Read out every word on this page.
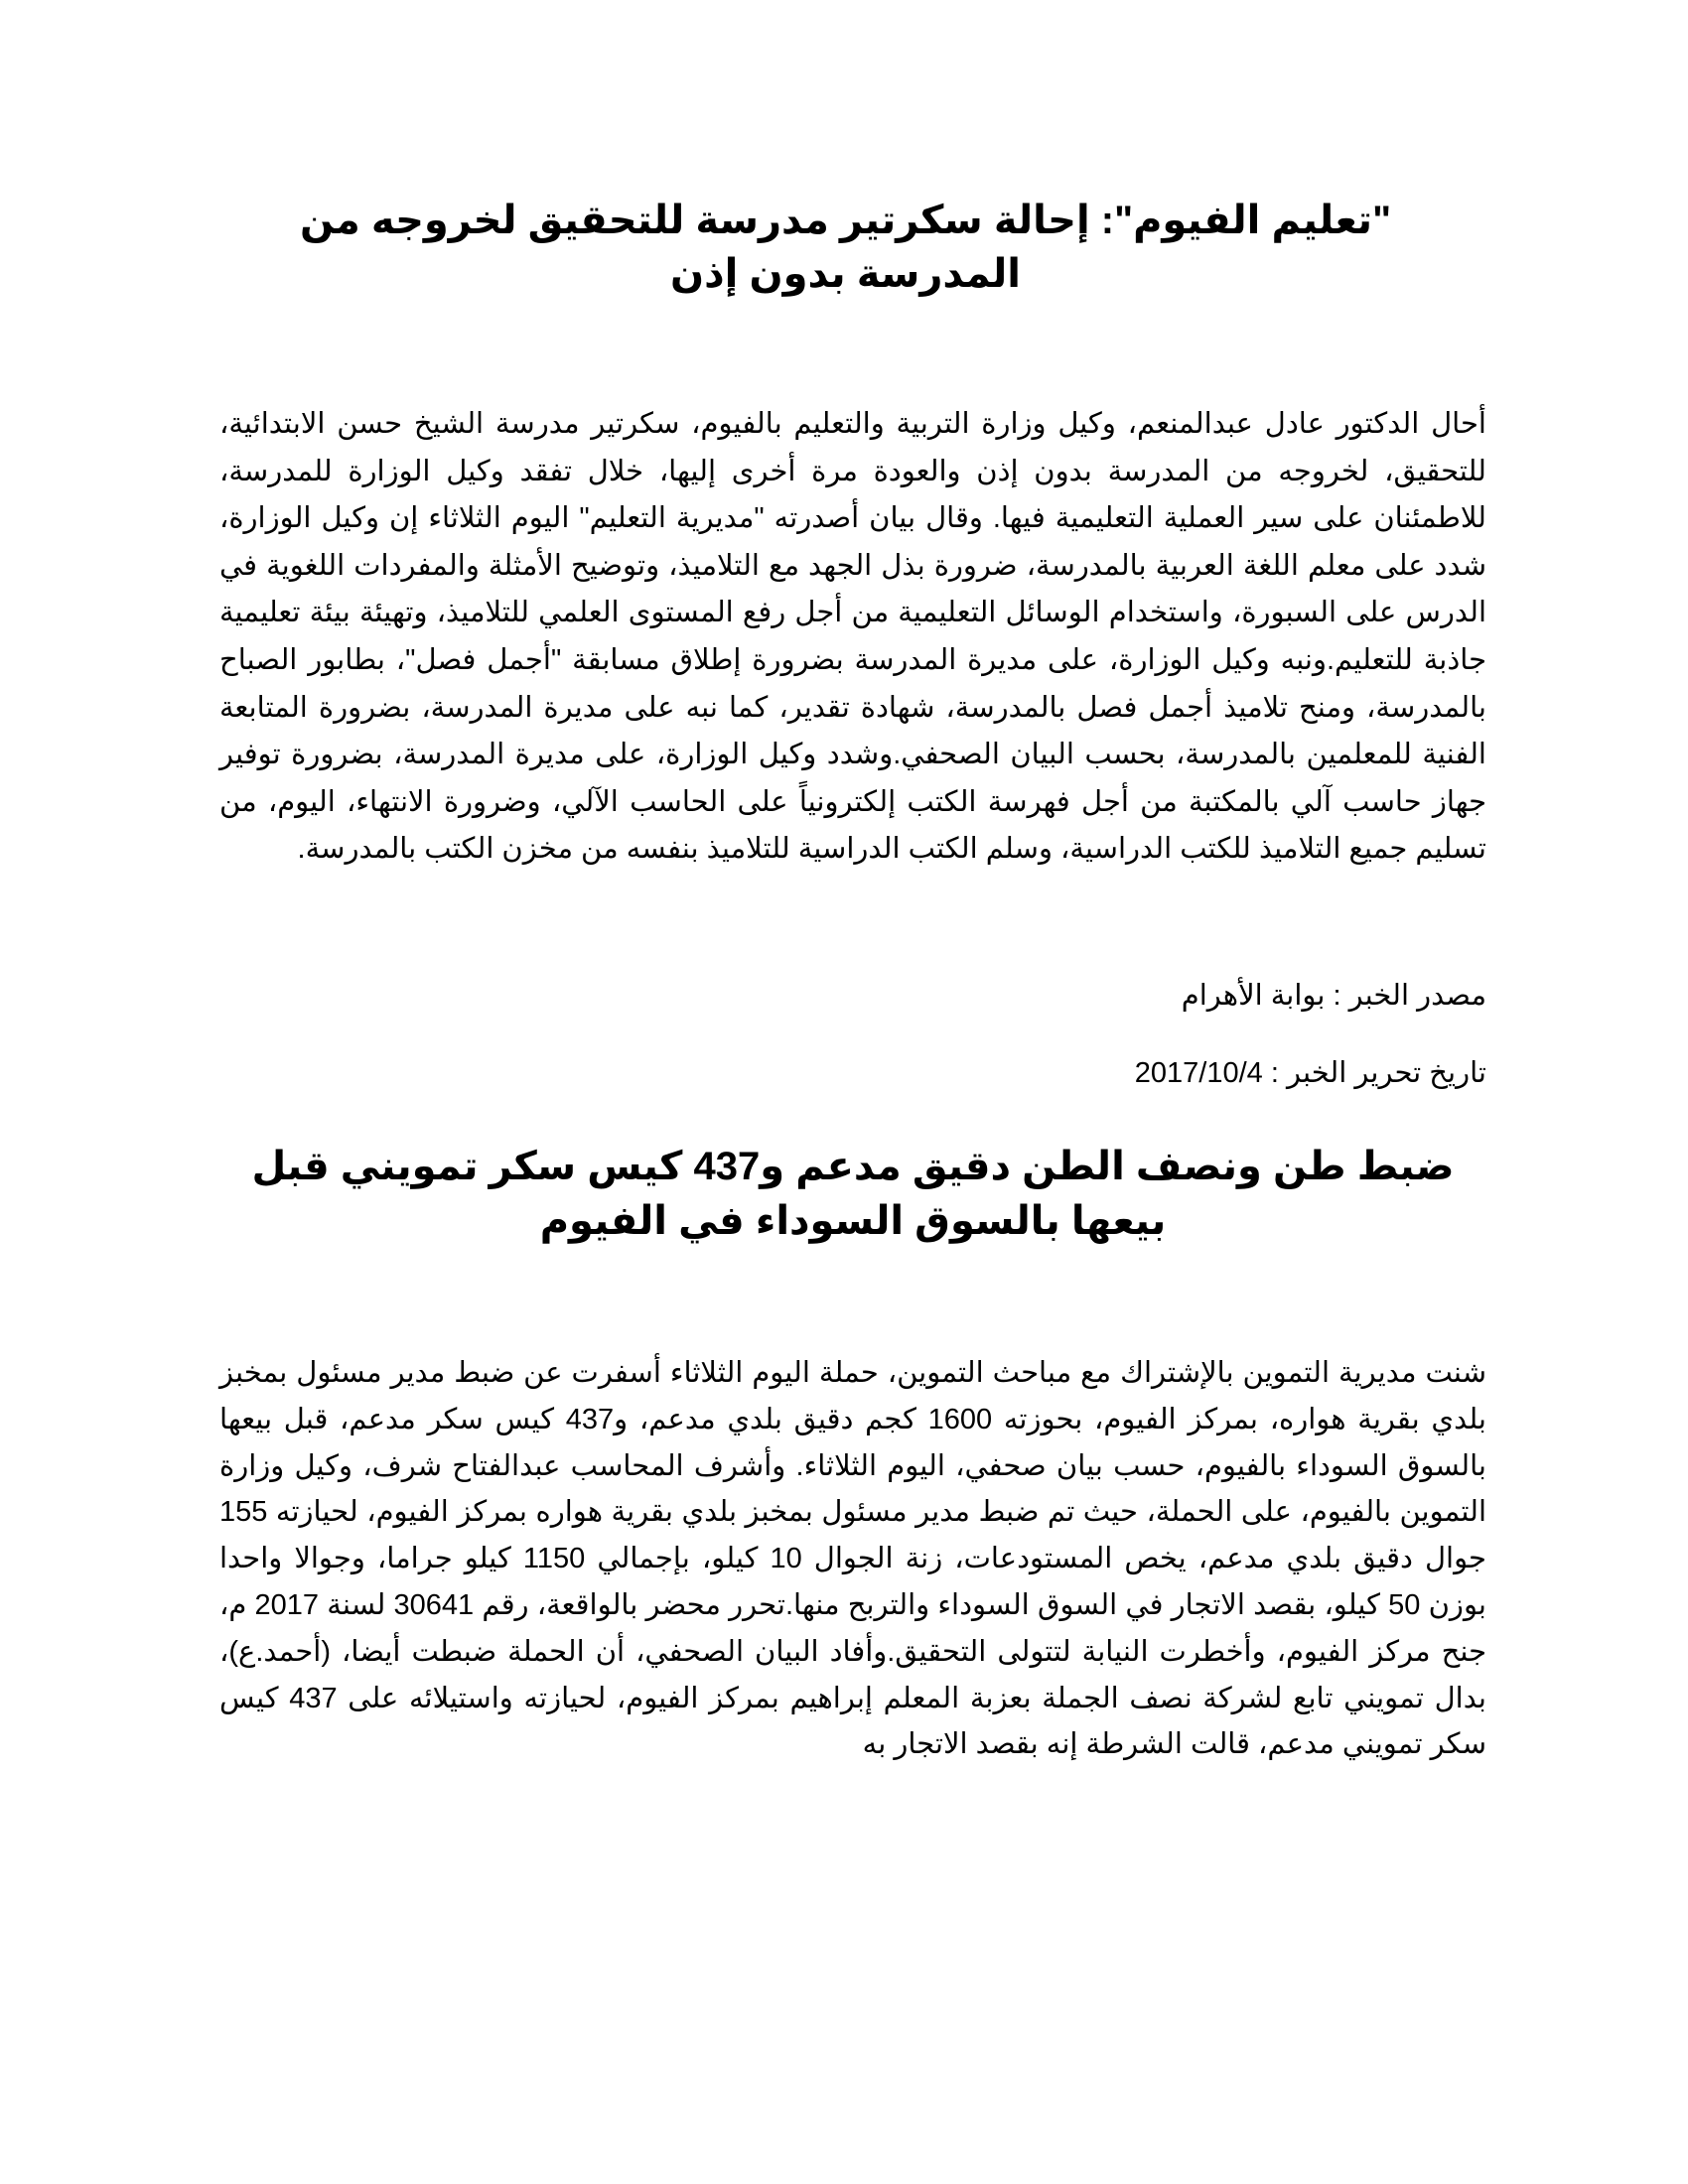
"تعليم الفيوم": إحالة سكرتير مدرسة للتحقيق لخروجه من المدرسة بدون إذن

أحال الدكتور عادل عبدالمنعم، وكيل وزارة التربية والتعليم بالفيوم، سكرتير مدرسة الشيخ حسن الابتدائية، للتحقيق، لخروجه من المدرسة بدون إذن والعودة مرة أخرى إليها، خلال تفقد وكيل الوزارة للمدرسة، للاطمئنان على سير العملية التعليمية فيها. وقال بيان أصدرته "مديرية التعليم" اليوم الثلاثاء إن وكيل الوزارة، شدد على معلم اللغة العربية بالمدرسة، ضرورة بذل الجهد مع التلاميذ، وتوضيح الأمثلة والمفردات اللغوية في الدرس على السبورة، واستخدام الوسائل التعليمية من أجل رفع المستوى العلمي للتلاميذ، وتهيئة بيئة تعليمية جاذبة للتعليم.ونبه وكيل الوزارة، على مديرة المدرسة بضرورة إطلاق مسابقة "أجمل فصل"، بطابور الصباح بالمدرسة، ومنح تلاميذ أجمل فصل بالمدرسة، شهادة تقدير، كما نبه على مديرة المدرسة، بضرورة المتابعة الفنية للمعلمين بالمدرسة، بحسب البيان الصحفي.وشدد وكيل الوزارة، على مديرة المدرسة، بضرورة توفير جهاز حاسب آلي بالمكتبة من أجل فهرسة الكتب إلكترونياً على الحاسب الآلي، وضرورة الانتهاء، اليوم، من تسليم جميع التلاميذ للكتب الدراسية، وسلم الكتب الدراسية للتلاميذ بنفسه من مخزن الكتب بالمدرسة.

مصدر الخبر : بوابة الأهرام

تاريخ تحرير الخبر : 2017/10/4

ضبط طن ونصف الطن دقيق مدعم و437 كيس سكر تمويني قبل بيعها بالسوق السوداء في الفيوم

شنت مديرية التموين بالإشتراك مع مباحث التموين، حملة اليوم الثلاثاء أسفرت عن ضبط مدير مسئول بمخبز بلدي بقرية هواره، بمركز الفيوم، بحوزته 1600 كجم دقيق بلدي مدعم، و437 كيس سكر مدعم، قبل بيعها بالسوق السوداء بالفيوم، حسب بيان صحفي، اليوم الثلاثاء. وأشرف المحاسب عبدالفتاح شرف، وكيل وزارة التموين بالفيوم، على الحملة، حيث تم ضبط مدير مسئول بمخبز بلدي بقرية هواره بمركز الفيوم، لحيازته 155 جوال دقيق بلدي مدعم، يخص المستودعات، زنة الجوال 10 كيلو، بإجمالي 1150 كيلو جراما، وجوالا واحدا بوزن 50 كيلو، بقصد الاتجار في السوق السوداء والتربح منها.تحرر محضر بالواقعة، رقم 30641 لسنة 2017 م، جنح مركز الفيوم، وأخطرت النيابة لتتولى التحقيق.وأفاد البيان الصحفي، أن الحملة ضبطت أيضا، (أحمد.ع)، بدال تمويني تابع لشركة نصف الجملة بعزبة المعلم إبراهيم بمركز الفيوم، لحيازته واستيلائه على 437 كيس سكر تمويني مدعم، قالت الشرطة إنه بقصد الاتجار به
